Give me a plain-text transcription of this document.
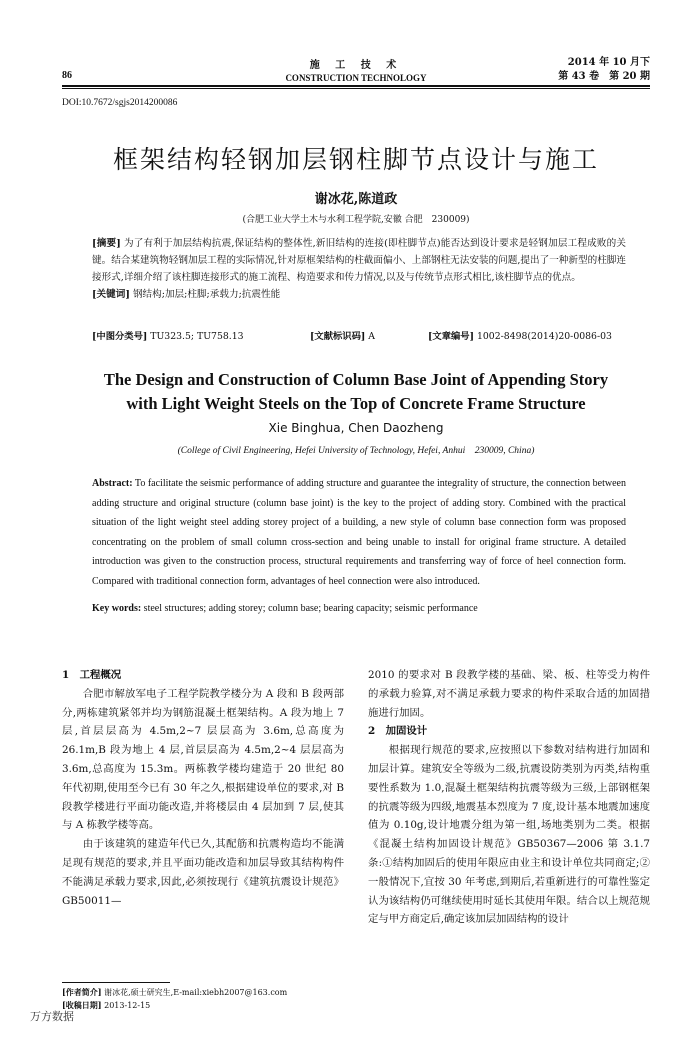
86
施 工 技 术
CONSTRUCTION TECHNOLOGY
2014 年 10 月下
第 43 卷　第 20 期
DOI:10.7672/sgjs2014200086
框架结构轻钢加层钢柱脚节点设计与施工
谢冰花,陈道政
(合肥工业大学土木与水利工程学院,安徽 合肥　230009)
[摘要] 为了有利于加层结构抗震,保证结构的整体性,新旧结构的连接(即柱脚节点)能否达到设计要求是轻钢加层工程成败的关键。结合某建筑物轻钢加层工程的实际情况,针对原框架结构的柱截面偏小、上部钢柱无法安装的问题,提出了一种新型的柱脚连接形式,详细介绍了该柱脚连接形式的施工流程、构造要求和传力情况,以及与传统节点形式相比,该柱脚节点的优点。
[关键词] 钢结构;加层;柱脚;承载力;抗震性能
[中图分类号] TU323.5; TU758.13	[文献标识码] A	[文章编号] 1002-8498(2014)20-0086-03
The Design and Construction of Column Base Joint of Appending Story
with Light Weight Steels on the Top of Concrete Frame Structure
Xie Binghua, Chen Daozheng
(College of Civil Engineering, Hefei University of Technology, Hefei, Anhui　230009, China)
Abstract: To facilitate the seismic performance of adding structure and guarantee the integrality of structure, the connection between adding structure and original structure (column base joint) is the key to the project of adding story. Combined with the practical situation of the light weight steel adding storey project of a building, a new style of column base connection form was proposed concentrating on the problem of small column cross-section and being unable to install for original frame structure. A detailed introduction was given to the construction process, structural requirements and transferring way of force of heel connection form. Compared with traditional connection form, advantages of heel connection were also introduced.
Key words: steel structures; adding storey; column base; bearing capacity; seismic performance
1　工程概况

合肥市解放军电子工程学院教学楼分为 A 段和 B 段两部分,两栋建筑紧邻并均为钢筋混凝土框架结构。A 段为地上 7 层,首层层高为 4.5m,2~7 层层高为 3.6m,总高度为 26.1m,B 段为地上 4 层,首层层高为 4.5m,2~4 层层高为 3.6m,总高度为 15.3m。两栋教学楼均建造于 20 世纪 80 年代初期,使用至今已有 30 年之久,根据建设单位的要求,对 B 段教学楼进行平面功能改造,并将楼层由 4 层加到 7 层,使其与 A 栋教学楼等高。

由于该建筑的建造年代已久,其配筋和抗震构造均不能满足现有规范的要求,并且平面功能改造和加层导致其结构构件不能满足承载力要求,因此,必须按现行《建筑抗震设计规范》GB50011—

2010 的要求对 B 段教学楼的基础、梁、板、柱等受力构件的承载力验算,对不满足承载力要求的构件采取合适的加固措施进行加固。

2　加固设计

根据现行规范的要求,应按照以下参数对结构进行加固和加层计算。建筑安全等级为二级,抗震设防类别为丙类,结构重要性系数为 1.0,混凝土框架结构抗震等级为三级,上部钢框架的抗震等级为四级,地震基本烈度为 7 度,设计基本地震加速度值为 0.10g,设计地震分组为第一组,场地类别为二类。根据《混凝土结构加固设计规范》GB50367—2006 第 3.1.7 条:①结构加固后的使用年限应由业主和设计单位共同商定;② 一般情况下,宜按 30 年考虑,到期后,若重新进行的可靠性鉴定认为该结构仍可继续使用时延长其使用年限。结合以上规范规定与甲方商定后,确定该加层加固结构的设计

[作者简介] 谢冰花,硕士研究生,E-mail:xiebh2007@163.com
[收稿日期] 2013-12-15
万方数据
